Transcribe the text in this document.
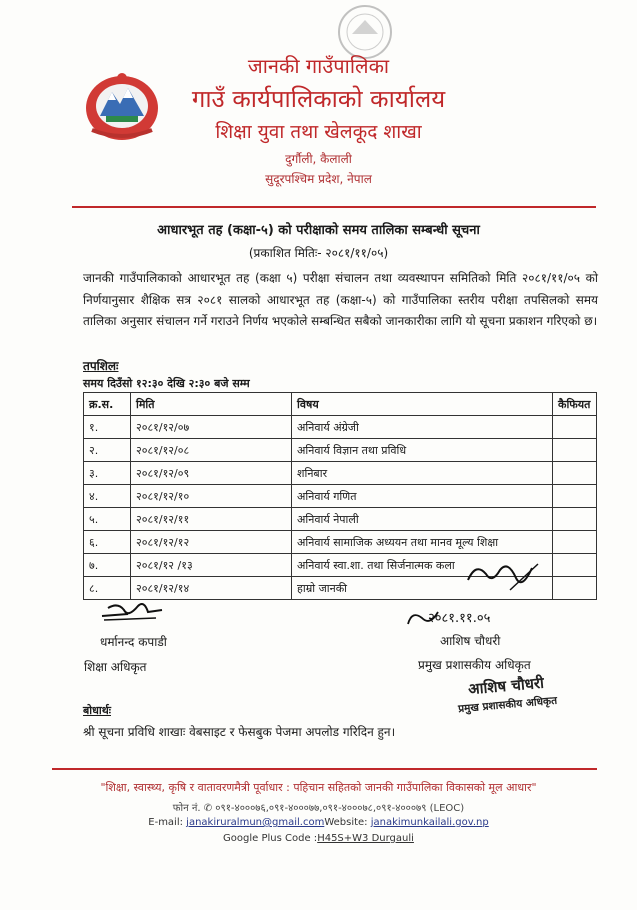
जानकी गाउँपालिका
गाउँ कार्यपालिकाको कार्यालय
शिक्षा युवा तथा खेलकूद शाखा
दुर्गौली, कैलाली
सुदूरपश्चिम प्रदेश, नेपाल
आधारभूत तह (कक्षा-५) को परीक्षाको समय तालिका सम्बन्धी सूचना
(प्रकाशित मितिः- २०८१/११/०५)
जानकी गाउँपालिकाको आधारभूत तह (कक्षा ५) परीक्षा संचालन तथा व्यवस्थापन समितिको मिति २०८१/११/०५ को निर्णयानुसार शैक्षिक सत्र २०८१ सालको आधारभूत तह (कक्षा-५) को गाउँपालिका स्तरीय परीक्षा तपसिलको समय तालिका अनुसार संचालन गर्ने गराउने निर्णय भएकोले सम्बन्धित सबैको जानकारीका लागि यो सूचना प्रकाशन गरिएको छ।
तपशिलः
समय दिउँसो १२:३० देखि २:३० बजे सम्म
क्र.स.	मिति	विषय	कैफियत
१.	२०८१/१२/०७	अनिवार्य अंग्रेजी	
२.	२०८१/१२/०८	अनिवार्य विज्ञान तथा प्रविधि	
३.	२०८१/१२/०९	शनिबार	
४.	२०८१/१२/१०	अनिवार्य गणित	
५.	२०८१/१२/११	अनिवार्य नेपाली	
६.	२०८१/१२/१२	अनिवार्य सामाजिक अध्ययन तथा मानव मूल्य शिक्षा	
७.	२०८१/१२ /१३	अनिवार्य स्वा.शा. तथा सिर्जनात्मक कला	
८.	२०८१/१२/१४	हाम्रो जानकी	
धर्मानन्द कपाडी
शिक्षा अधिकृत
२०८१.११.०५
आशिष चौधरी
प्रमुख प्रशासकीय अधिकृत
आशिष चौधरी
प्रमुख प्रशासकीय अधिकृत
बोधार्थः
श्री सूचना प्रविधि शाखाः वेबसाइट र फेसबुक पेजमा अपलोड गरिदिन हुन।
"शिक्षा, स्वास्थ्य, कृषि र वातावरणमैत्री पूर्वाधार : पहिचान सहितको जानकी गाउँपालिका विकासको मूल आधार"
फोन नं. ✆ ०९१-४०००७६,०९१-४०००७७,०९१-४०००७८,०९१-४०००७९ (LEOC)
E-mail: janakiruralmun@gmail.comWebsite: janakimunkailali.gov.np
Google Plus Code :H45S+W3 Durgauli
